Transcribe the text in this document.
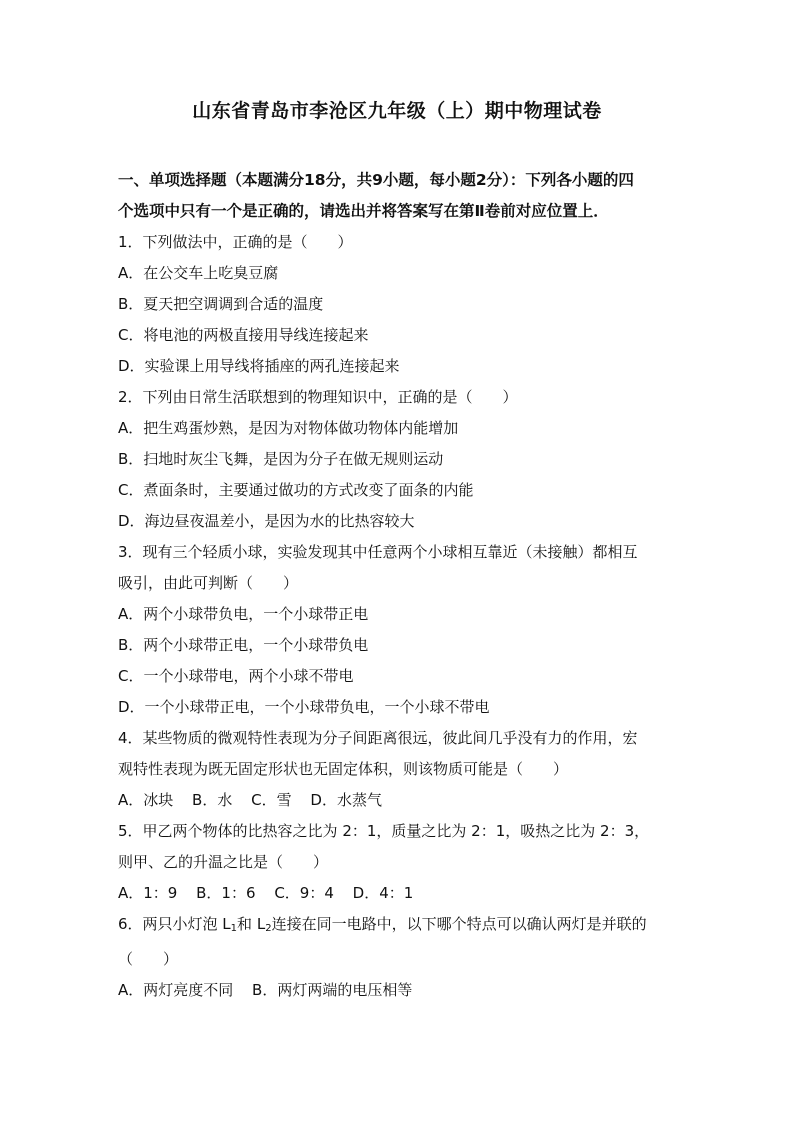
山东省青岛市李沧区九年级（上）期中物理试卷

一、单项选择题（本题满分18分，共9小题，每小题2分）：下列各小题的四

个选项中只有一个是正确的，请选出并将答案写在第Ⅱ卷前对应位置上．

1．下列做法中，正确的是（　　）

A．在公交车上吃臭豆腐

B．夏天把空调调到合适的温度

C．将电池的两极直接用导线连接起来

D．实验课上用导线将插座的两孔连接起来

2．下列由日常生活联想到的物理知识中，正确的是（　　）

A．把生鸡蛋炒熟，是因为对物体做功物体内能增加

B．扫地时灰尘飞舞，是因为分子在做无规则运动

C．煮面条时，主要通过做功的方式改变了面条的内能

D．海边昼夜温差小，是因为水的比热容较大

3．现有三个轻质小球，实验发现其中任意两个小球相互靠近（未接触）都相互

吸引，由此可判断（　　）

A．两个小球带负电，一个小球带正电

B．两个小球带正电，一个小球带负电

C．一个小球带电，两个小球不带电

D．一个小球带正电，一个小球带负电，一个小球不带电

4．某些物质的微观特性表现为分子间距离很远，彼此间几乎没有力的作用，宏

观特性表现为既无固定形状也无固定体积，则该物质可能是（　　）

A．冰块 B．水 C．雪 D．水蒸气

5．甲乙两个物体的比热容之比为 2：1，质量之比为 2：1，吸热之比为 2：3，

则甲、乙的升温之比是（　　）

A．1：9 B．1：6 C．9：4 D．4：1

6．两只小灯泡 $L_1$和 $L_2$连接在同一电路中，以下哪个特点可以确认两灯是并联的

（　　）

A．两灯亮度不同 B．两灯两端的电压相等
